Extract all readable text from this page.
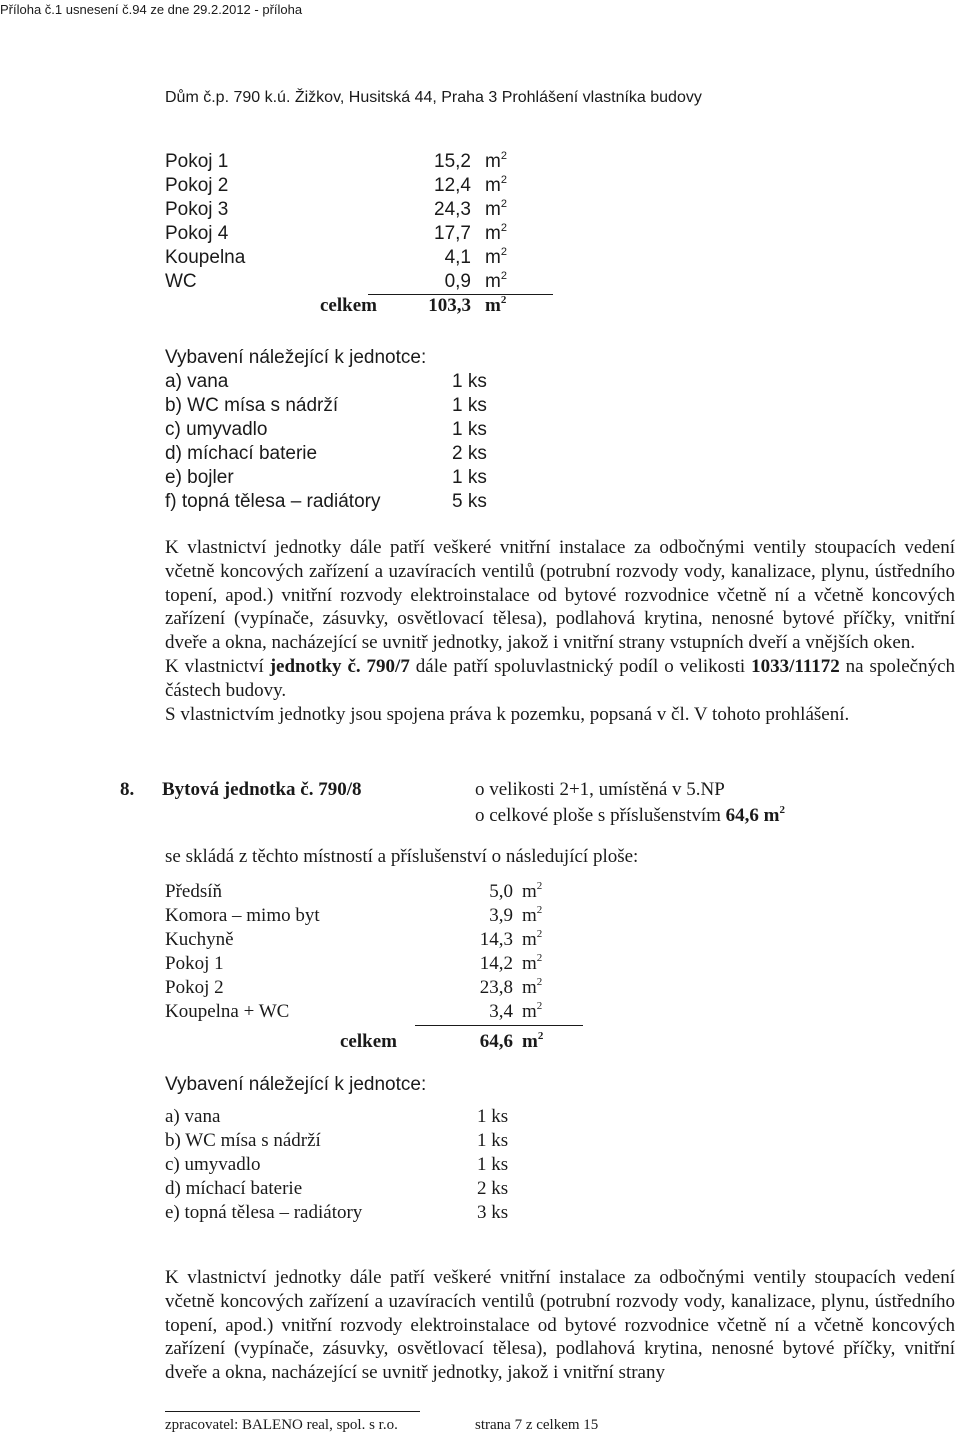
Příloha č.1 usnesení č.94 ze dne 29.2.2012 - příloha
Dům č.p. 790 k.ú. Žižkov, Husitská 44, Praha 3 Prohlášení vlastníka budovy
Pokoj 1	15,2 $m^2$
Pokoj 2	12,4 $m^2$
Pokoj 3	24,3 $m^2$
Pokoj 4	17,7 $m^2$
Koupelna	4,1 $m^2$
WC	0,9 $m^2$
celkem	103,3 $m^2$
Vybavení náležející k jednotce:
a) vana	1 ks
b) WC mísa s nádrží	1 ks
c) umyvadlo	1 ks
d) míchací baterie	2 ks
e) bojler	1 ks
f) topná tělesa – radiátory	5 ks

K vlastnictví jednotky dále patří veškeré vnitřní instalace za odbočnými ventily stoupacích vedení včetně koncových zařízení a uzavíracích ventilů (potrubní rozvody vody, kanalizace, plynu, ústředního topení, apod.) vnitřní rozvody elektroinstalace od bytové rozvodnice včetně ní a včetně koncových zařízení (vypínače, zásuvky, osvětlovací tělesa), podlahová krytina, nenosné bytové příčky, vnitřní dveře a okna, nacházející se uvnitř jednotky, jakož i vnitřní strany vstupních dveří a vnějších oken.

K vlastnictví jednotky č. 790/7 dále patří spoluvlastnický podíl o velikosti 1033/11172 na společných částech budovy.

S vlastnictvím jednotky jsou spojena práva k pozemku, popsaná v čl. V tohoto prohlášení.

8. Bytová jednotka č. 790/8	o velikosti 2+1, umístěná v 5.NP
o celkové ploše s příslušenstvím 64,6 $m^2$
se skládá z těchto místností a příslušenství o následující ploše:
Předsíň	5,0 $m^2$
Komora – mimo byt	3,9 $m^2$
Kuchyně	14,3 $m^2$
Pokoj 1	14,2 $m^2$
Pokoj 2	23,8 $m^2$
Koupelna + WC	3,4 $m^2$
celkem	64,6 $m^2$
Vybavení náležející k jednotce:
a) vana	1 ks
b) WC mísa s nádrží	1 ks
c) umyvadlo	1 ks
d) míchací baterie	2 ks
e) topná tělesa – radiátory	3 ks

K vlastnictví jednotky dále patří veškeré vnitřní instalace za odbočnými ventily stoupacích vedení včetně koncových zařízení a uzavíracích ventilů (potrubní rozvody vody, kanalizace, plynu, ústředního topení, apod.) vnitřní rozvody elektroinstalace od bytové rozvodnice včetně ní a včetně koncových zařízení (vypínače, zásuvky, osvětlovací tělesa), podlahová krytina, nenosné bytové příčky, vnitřní dveře a okna, nacházející se uvnitř jednotky, jakož i vnitřní strany

zpracovatel: BALENO real, spol. s r.o.	strana 7 z celkem 15
